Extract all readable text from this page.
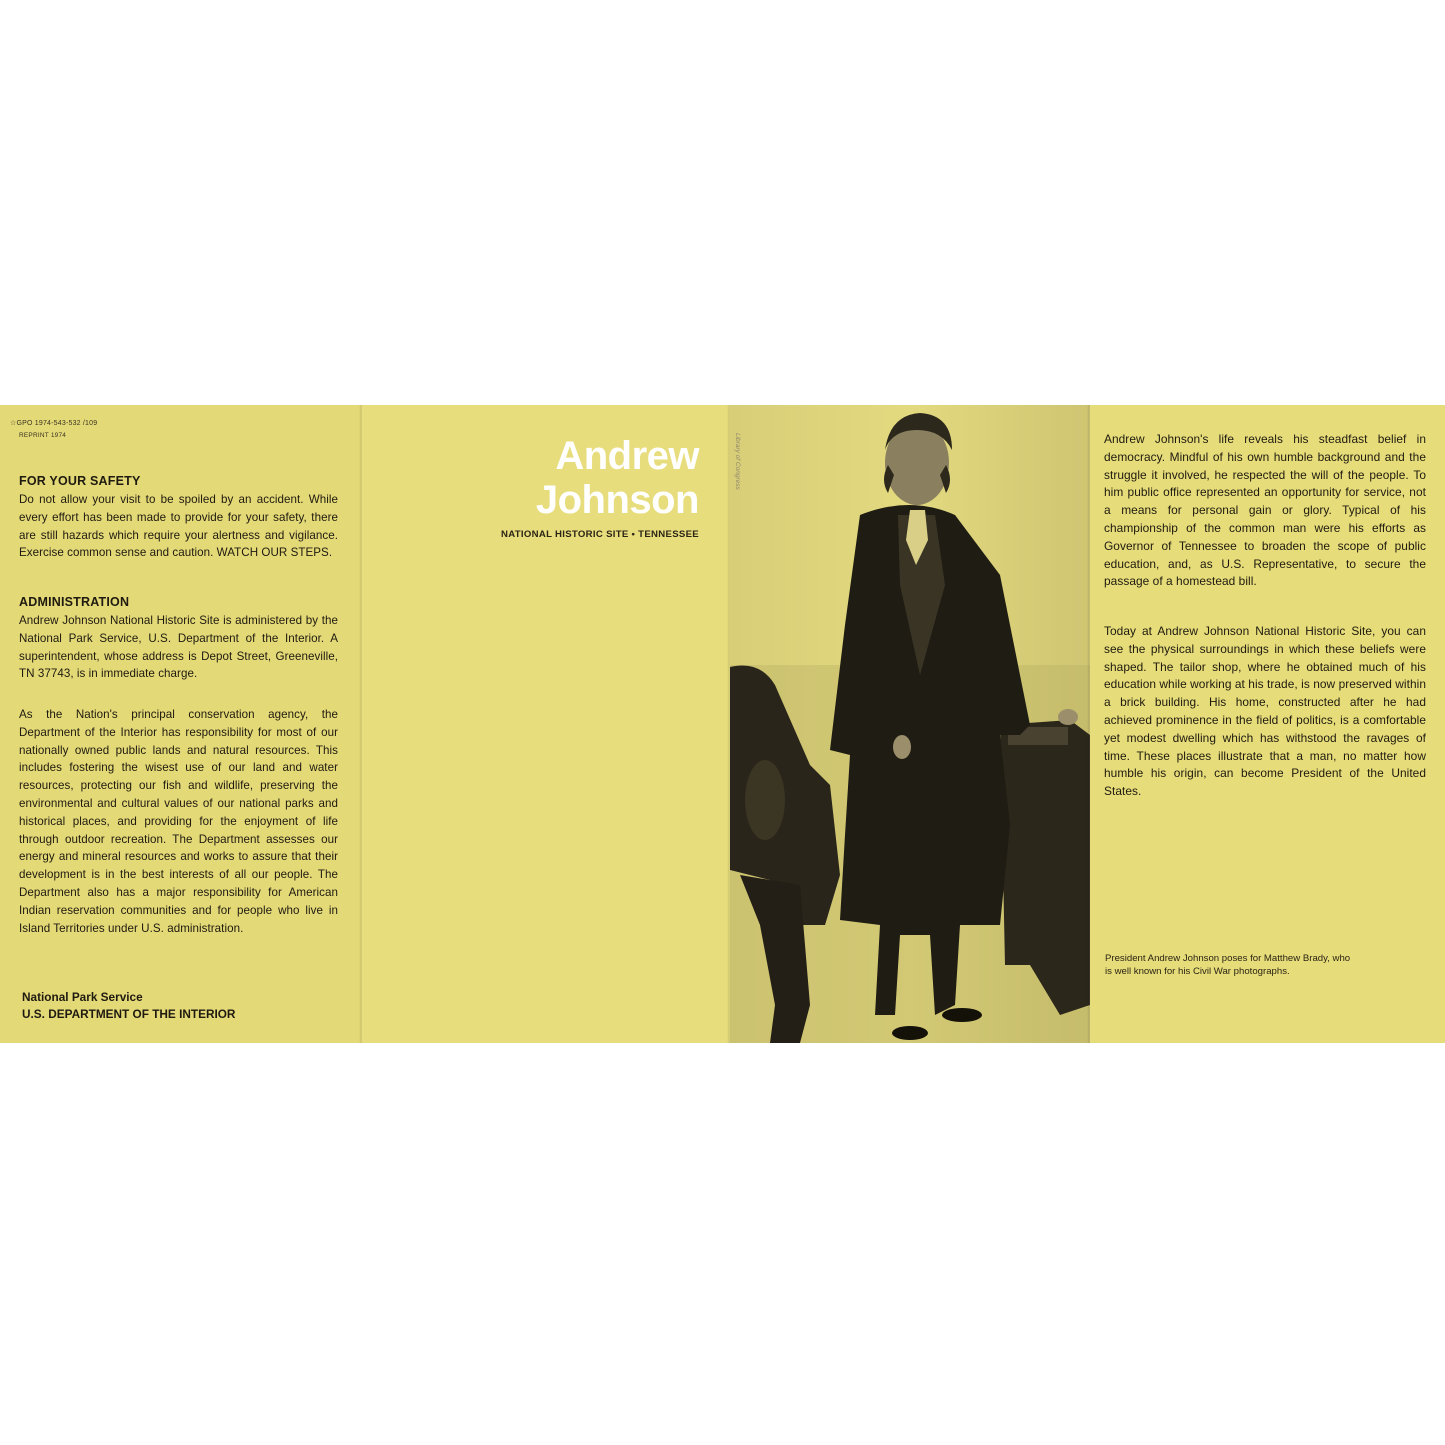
☆GPO 1974-543-532 /109
REPRINT 1974
FOR YOUR SAFETY
Do not allow your visit to be spoiled by an accident. While every effort has been made to provide for your safety, there are still hazards which require your alertness and vigilance. Exercise common sense and caution. WATCH OUR STEPS.
ADMINISTRATION
Andrew Johnson National Historic Site is administered by the National Park Service, U.S. Department of the Interior. A superintendent, whose address is Depot Street, Greeneville, TN 37743, is in immediate charge.
As the Nation's principal conservation agency, the Department of the Interior has responsibility for most of our nationally owned public lands and natural resources. This includes fostering the wisest use of our land and water resources, protecting our fish and wildlife, preserving the environmental and cultural values of our national parks and historical places, and providing for the enjoyment of life through outdoor recreation. The Department assesses our energy and mineral resources and works to assure that their development is in the best interests of all our people. The Department also has a major responsibility for American Indian reservation communities and for people who live in Island Territories under U.S. administration.
National Park Service
U.S. DEPARTMENT OF THE INTERIOR
Andrew
Johnson
NATIONAL HISTORIC SITE • TENNESSEE
Library of Congress	Andrew Johnson's life reveals his steadfast belief in democracy. Mindful of his own humble background and the struggle it involved, he respected the will of the people. To him public office represented an opportunity for service, not a means for personal gain or glory. Typical of his championship of the common man were his efforts as Governor of Tennessee to broaden the scope of public education, and, as U.S. Representative, to secure the passage of a homestead bill.
Today at Andrew Johnson National Historic Site, you can see the physical surroundings in which these beliefs were shaped. The tailor shop, where he obtained much of his education while working at his trade, is now preserved within a brick building. His home, constructed after he had achieved prominence in the field of politics, is a comfortable yet modest dwelling which has withstood the ravages of time. These places illustrate that a man, no matter how humble his origin, can become President of the United States.
President Andrew Johnson poses for Matthew Brady, who is well known for his Civil War photographs.
